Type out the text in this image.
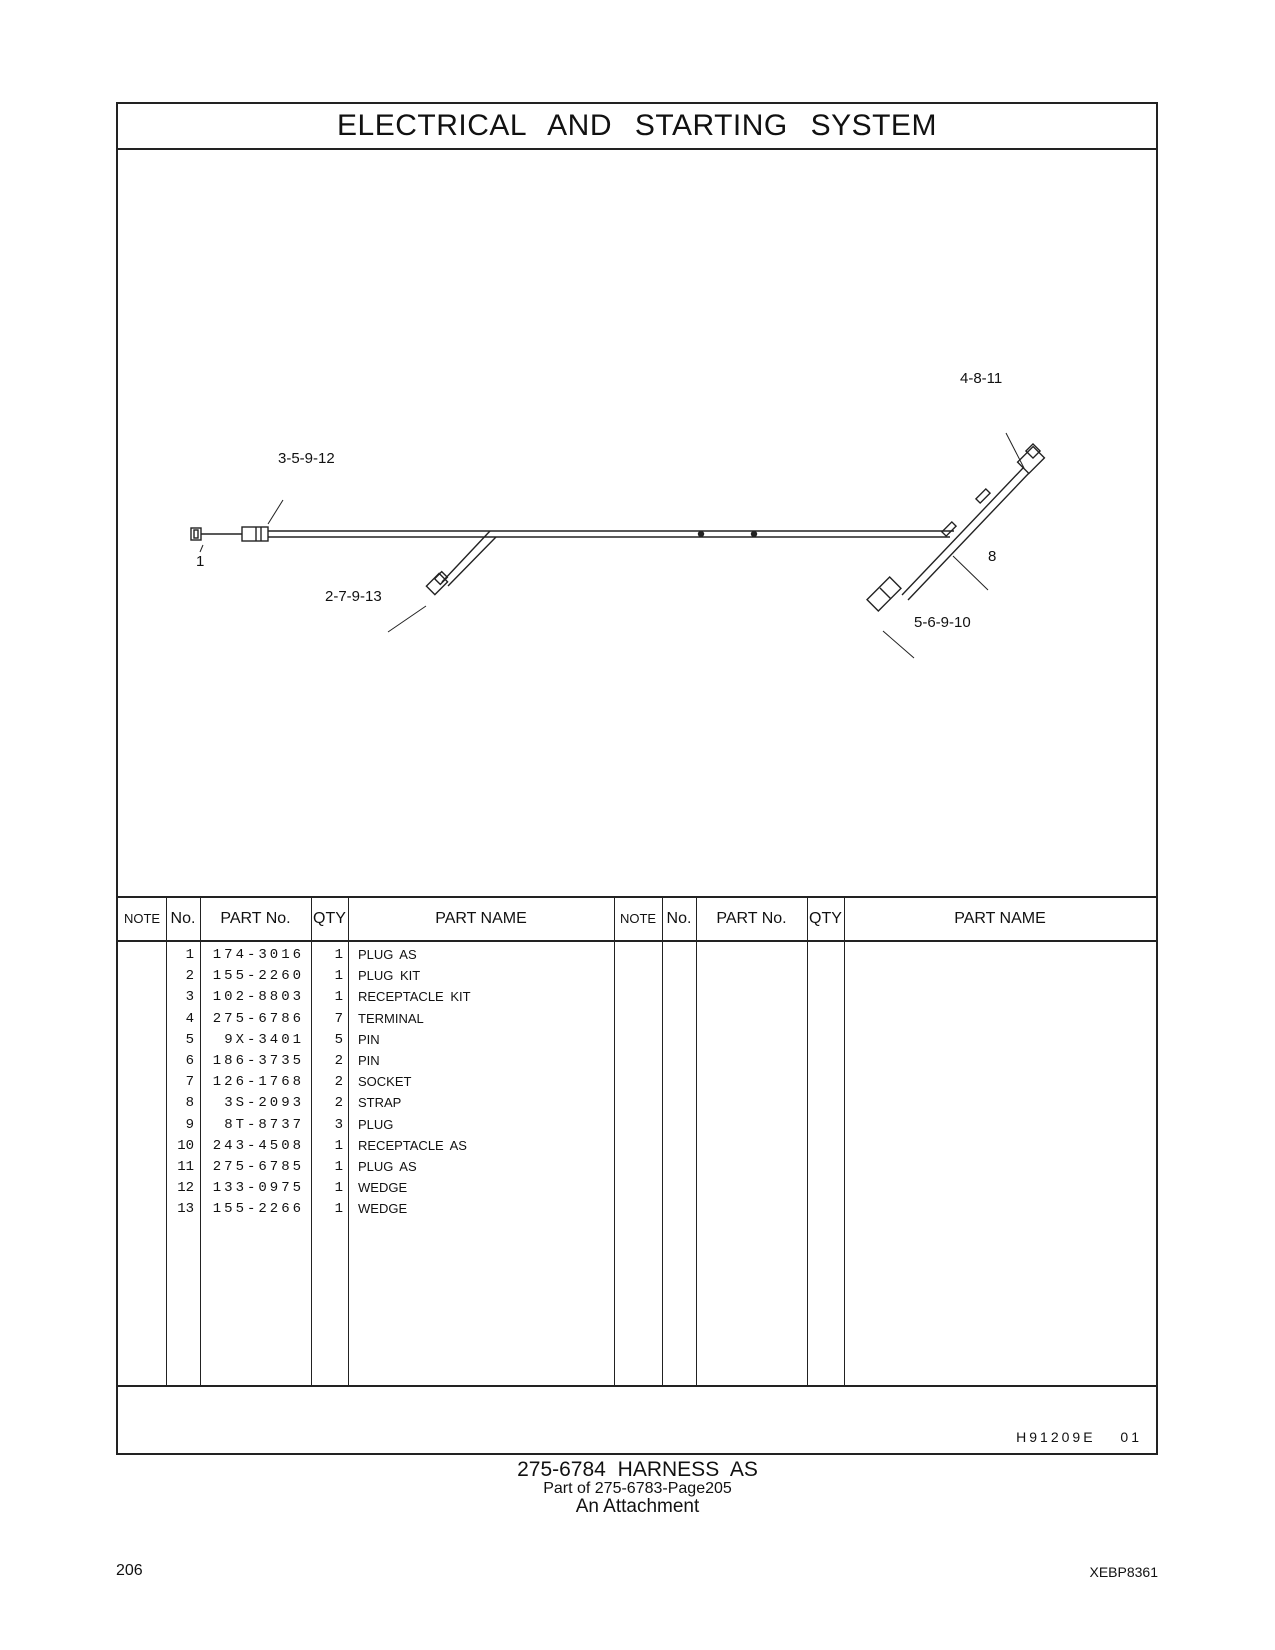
ELECTRICAL AND STARTING SYSTEM
1
3-5-9-12
2-7-9-13
4-8-11
8
5-6-9-10
NOTE No.	PART No.	QTY	PART NAME	NOTE No.	PART No.	QTY	PART NAME
1	174-3016	1 PLUG AS
2	155-2260	1 PLUG KIT
3	102-8803	1 RECEPTACLE KIT
4	275-6786	7 TERMINAL
5	9X-3401	5 PIN
6	186-3735	2 PIN
7	126-1768	2 SOCKET
8	3S-2093	2 STRAP
9	8T-8737	3 PLUG
10	243-4508	1 RECEPTACLE AS
11	275-6785	1 PLUG AS
12	133-0975	1 WEDGE
13	155-2266	1 WEDGE
H91209E 01
275-6784 HARNESS AS
Part of 275-6783-Page205
An Attachment
206	XEBP8361
